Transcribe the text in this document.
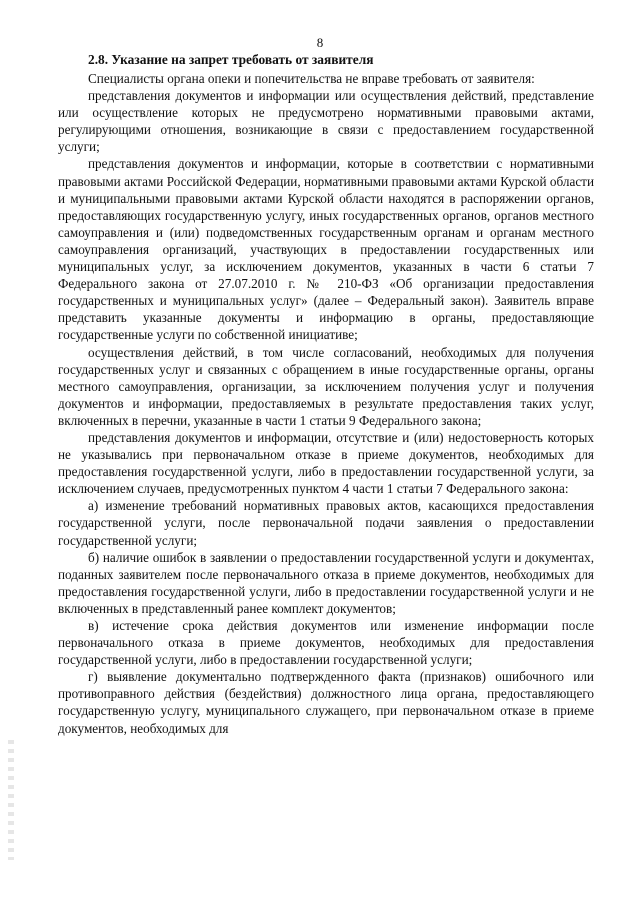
8
2.8. Указание на запрет требовать от заявителя

Специалисты органа опеки и попечительства не вправе требовать от заявителя:

представления документов и информации или осуществления действий, представление или осуществление которых не предусмотрено нормативными правовыми актами, регулирующими отношения, возникающие в связи с предоставлением государственной услуги;

представления документов и информации, которые в соответствии с нормативными правовыми актами Российской Федерации, нормативными правовыми актами Курской области и муниципальными правовыми актами Курской области находятся в распоряжении органов, предоставляющих государственную услугу, иных государственных органов, органов местного самоуправления и (или) подведомственных государственным органам и органам местного самоуправления организаций, участвующих в предоставлении государственных или муниципальных услуг, за исключением документов, указанных в части 6 статьи 7 Федерального закона от 27.07.2010 г. № 210-ФЗ «Об организации предоставления государственных и муниципальных услуг» (далее – Федеральный закон). Заявитель вправе представить указанные документы и информацию в органы, предоставляющие государственные услуги по собственной инициативе;

осуществления действий, в том числе согласований, необходимых для получения государственных услуг и связанных с обращением в иные государственные органы, органы местного самоуправления, организации, за исключением получения услуг и получения документов и информации, предоставляемых в результате предоставления таких услуг, включенных в перечни, указанные в части 1 статьи 9 Федерального закона;

представления документов и информации, отсутствие и (или) недостоверность которых не указывались при первоначальном отказе в приеме документов, необходимых для предоставления государственной услуги, либо в предоставлении государственной услуги, за исключением случаев, предусмотренных пунктом 4 части 1 статьи 7 Федерального закона:

а) изменение требований нормативных правовых актов, касающихся предоставления государственной услуги, после первоначальной подачи заявления о предоставлении государственной услуги;

б) наличие ошибок в заявлении о предоставлении государственной услуги и документах, поданных заявителем после первоначального отказа в приеме документов, необходимых для предоставления государственной услуги, либо в предоставлении государственной услуги и не включенных в представленный ранее комплект документов;

в) истечение срока действия документов или изменение информации после первоначального отказа в приеме документов, необходимых для предоставления государственной услуги, либо в предоставлении государственной услуги;

г) выявление документально подтвержденного факта (признаков) ошибочного или противоправного действия (бездействия) должностного лица органа, предоставляющего государственную услугу, муниципального служащего, при первоначальном отказе в приеме документов, необходимых для
